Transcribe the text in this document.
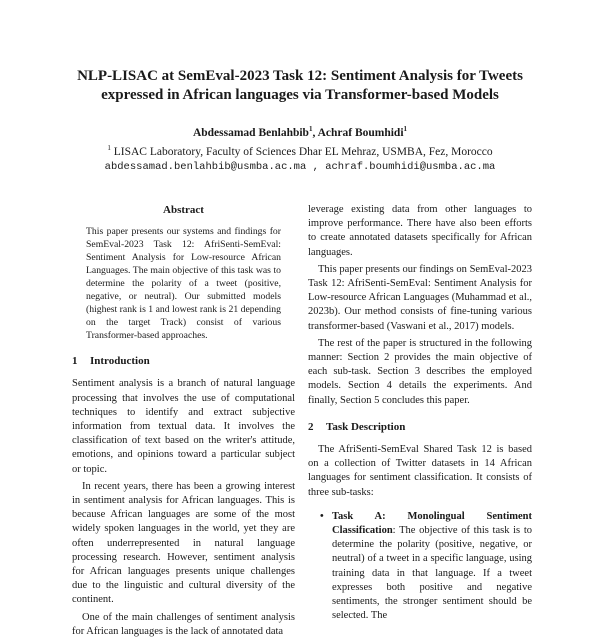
NLP-LISAC at SemEval-2023 Task 12: Sentiment Analysis for Tweets
expressed in African languages via Transformer-based Models
Abdessamad Benlahbib$^1$, Achraf Boumhidi$^1$
$^1$ LISAC Laboratory, Faculty of Sciences Dhar EL Mehraz, USMBA, Fez, Morocco
abdessamad.benlahbib@usmba.ac.ma , achraf.boumhidi@usmba.ac.ma
Abstract
This paper presents our systems and findings for SemEval-2023 Task 12: AfriSenti-SemEval: Sentiment Analysis for Low-resource African Languages. The main objective of this task was to determine the polarity of a tweet (positive, negative, or neutral). Our submitted models (highest rank is 1 and lowest rank is 21 depending on the target Track) consist of various Transformer-based approaches.
1 Introduction

Sentiment analysis is a branch of natural language processing that involves the use of computational techniques to identify and extract subjective information from textual data. It involves the classification of text based on the writer's attitude, emotions, and opinions toward a particular subject or topic.

In recent years, there has been a growing interest in sentiment analysis for African languages. This is because African languages are some of the most widely spoken languages in the world, yet they are often underrepresented in natural language processing research. However, sentiment analysis for African languages presents unique challenges due to the linguistic and cultural diversity of the continent.

One of the main challenges of sentiment analysis for African languages is the lack of annotated data

leverage existing data from other languages to improve performance. There have also been efforts to create annotated datasets specifically for African languages.

This paper presents our findings on SemEval-2023 Task 12: AfriSenti-SemEval: Sentiment Analysis for Low-resource African Languages (Muhammad et al., 2023b). Our method consists of fine-tuning various transformer-based (Vaswani et al., 2017) models.

The rest of the paper is structured in the following manner: Section 2 provides the main objective of each sub-task. Section 3 describes the employed models. Section 4 details the experiments. And finally, Section 5 concludes this paper.

2 Task Description

The AfriSenti-SemEval Shared Task 12 is based on a collection of Twitter datasets in 14 African languages for sentiment classification. It consists of three sub-tasks:

• Task A: Monolingual Sentiment Classification: The objective of this task is to determine the polarity (positive, negative, or neutral) of a tweet in a specific language, using training data in that language. If a tweet expresses both positive and negative sentiments, the stronger sentiment should be selected. The
